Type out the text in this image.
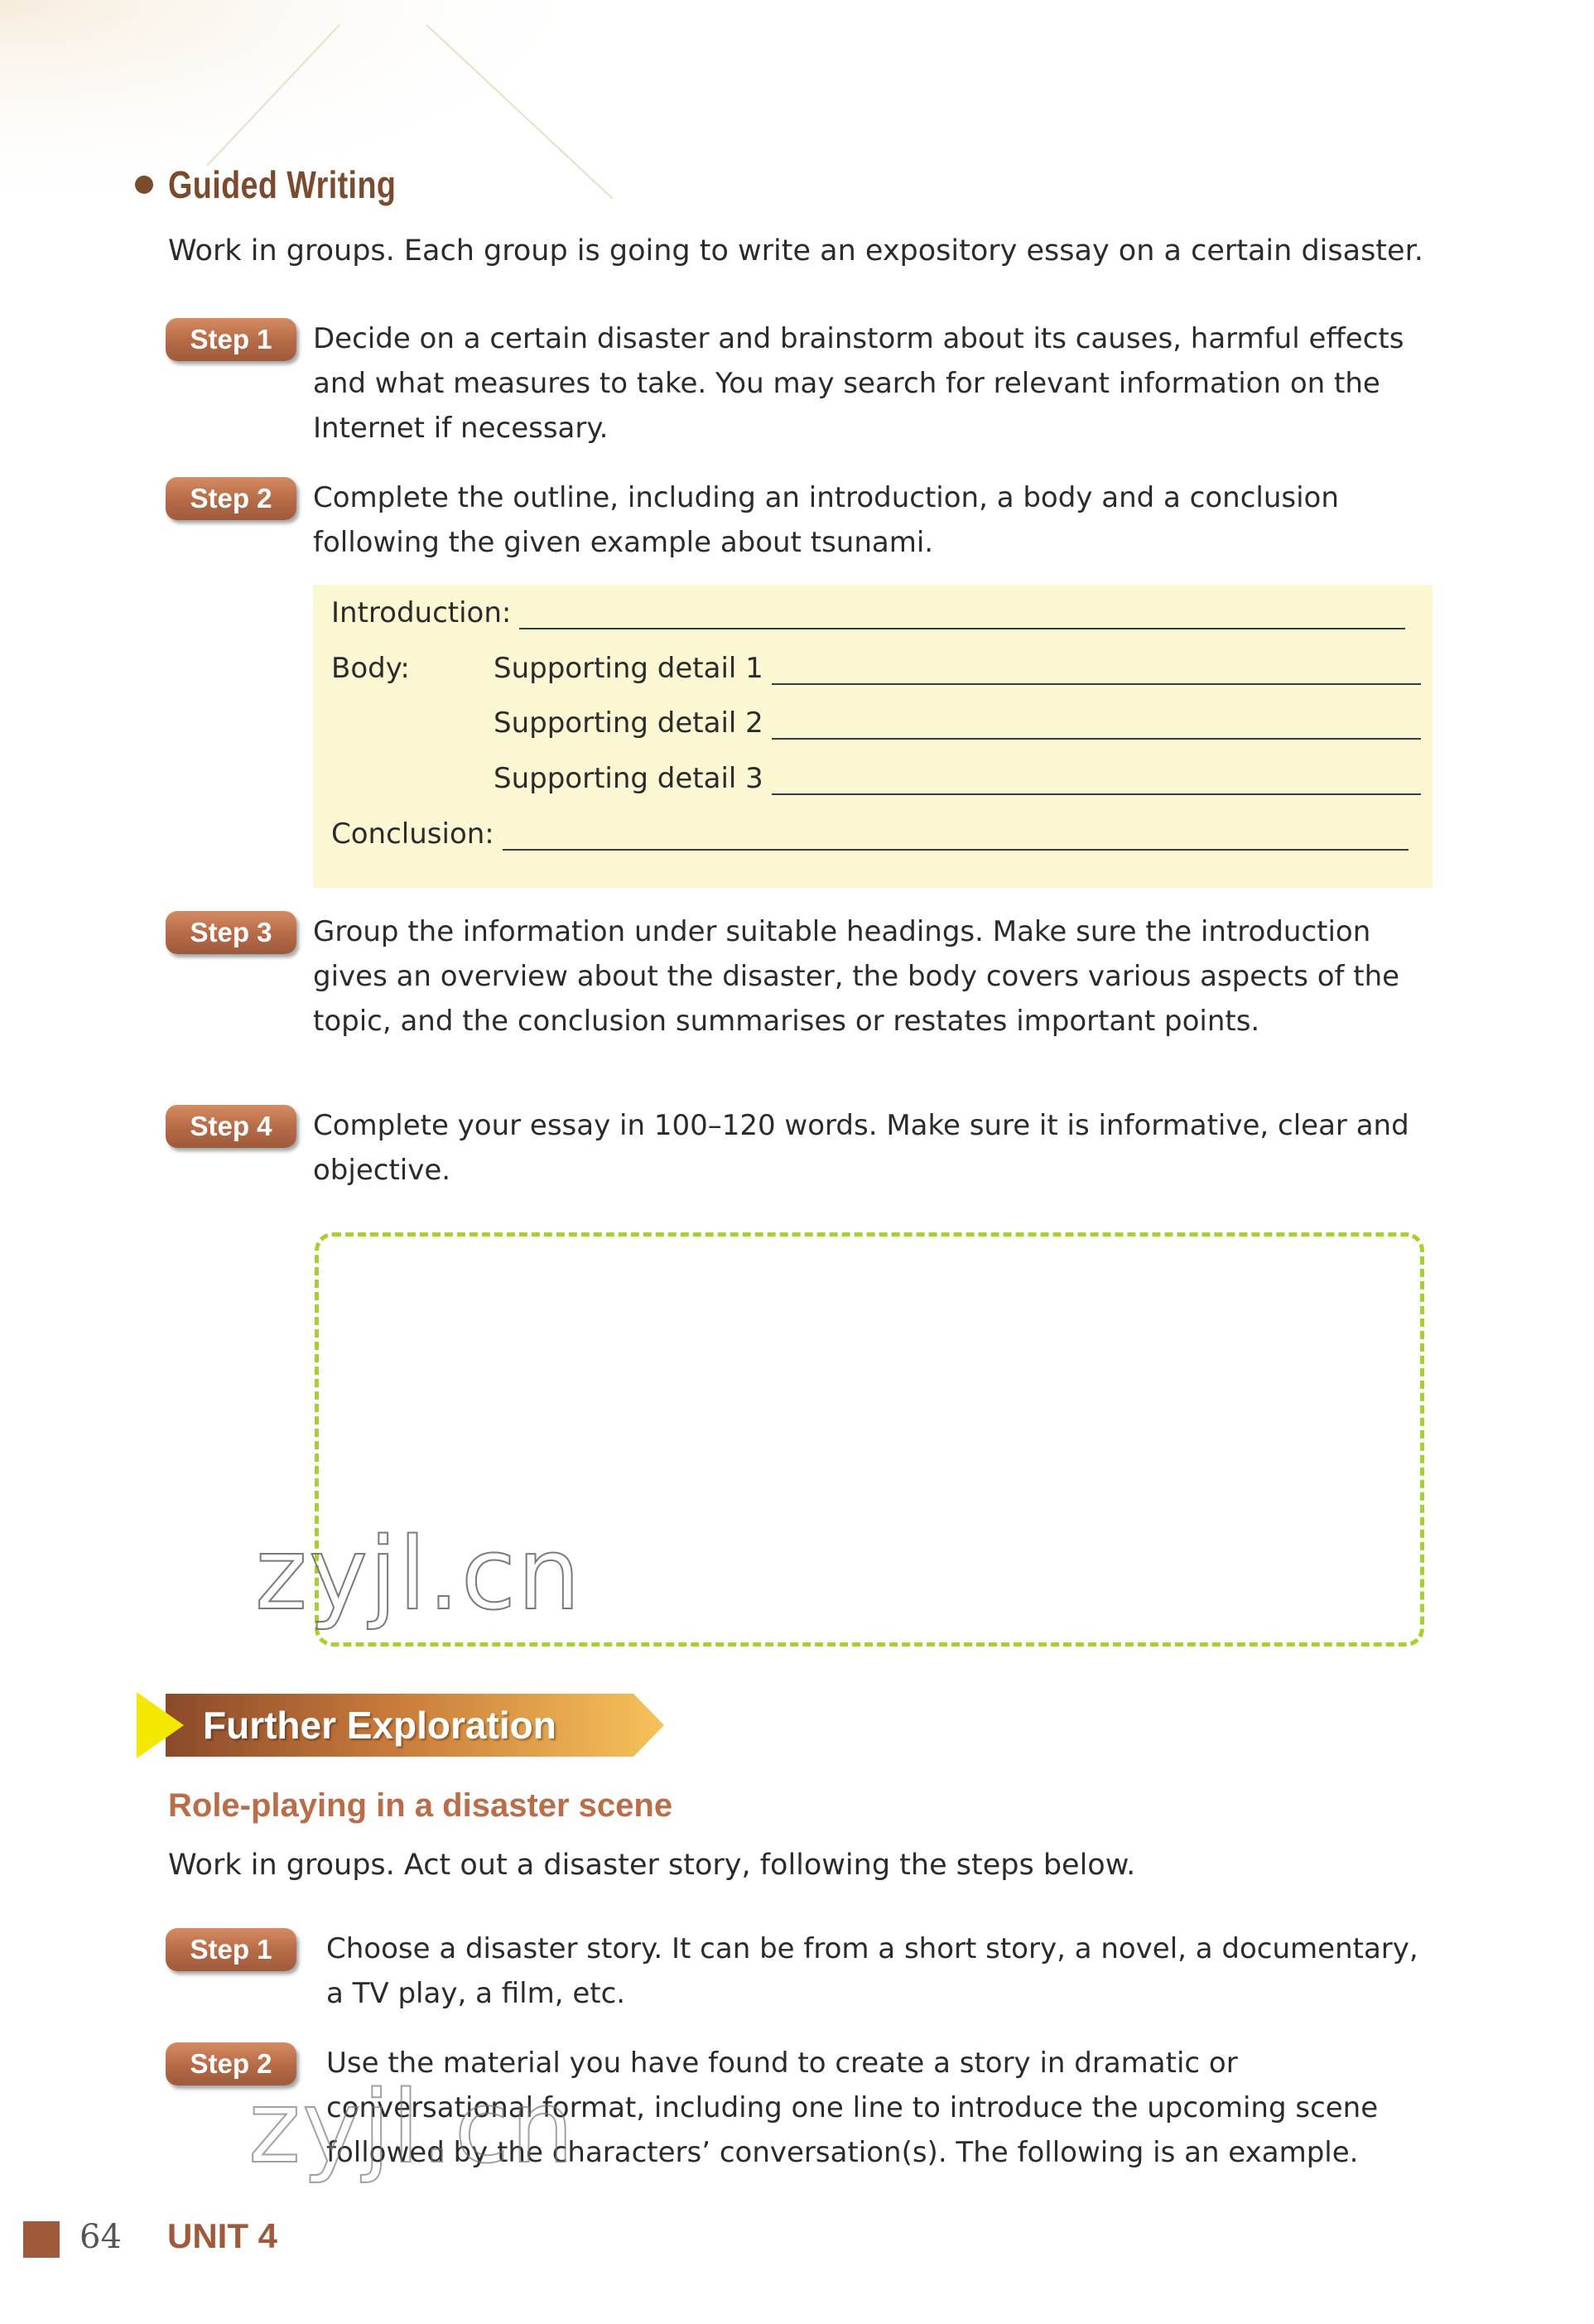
Guided Writing
Work in groups. Each group is going to write an expository essay on a certain disaster.
Step 1	Decide on a certain disaster and brainstorm about its causes, harmful effects and what measures to take. You may search for relevant information on the Internet if necessary.
Step 2	Complete the outline, including an introduction, a body and a conclusion following the given example about tsunami.
Introduction:
Body:	Supporting detail 1
Supporting detail 2
Supporting detail 3
Conclusion:
Step 3	Group the information under suitable headings. Make sure the introduction gives an overview about the disaster, the body covers various aspects of the topic, and the conclusion summarises or restates important points.
Step 4	Complete your essay in 100–120 words. Make sure it is informative, clear and objective.
zyjl.cn
Further Exploration
Role-playing in a disaster scene
Work in groups. Act out a disaster story, following the steps below.
Step 1	Choose a disaster story. It can be from a short story, a novel, a documentary, a TV play, a film, etc.
Step 2	Use the material you have found to create a story in dramatic or conversational format, including one line to introduce the upcoming scene followed by the characters’ conversation(s). The following is an example.
zyjl.cn
64 UNIT 4
